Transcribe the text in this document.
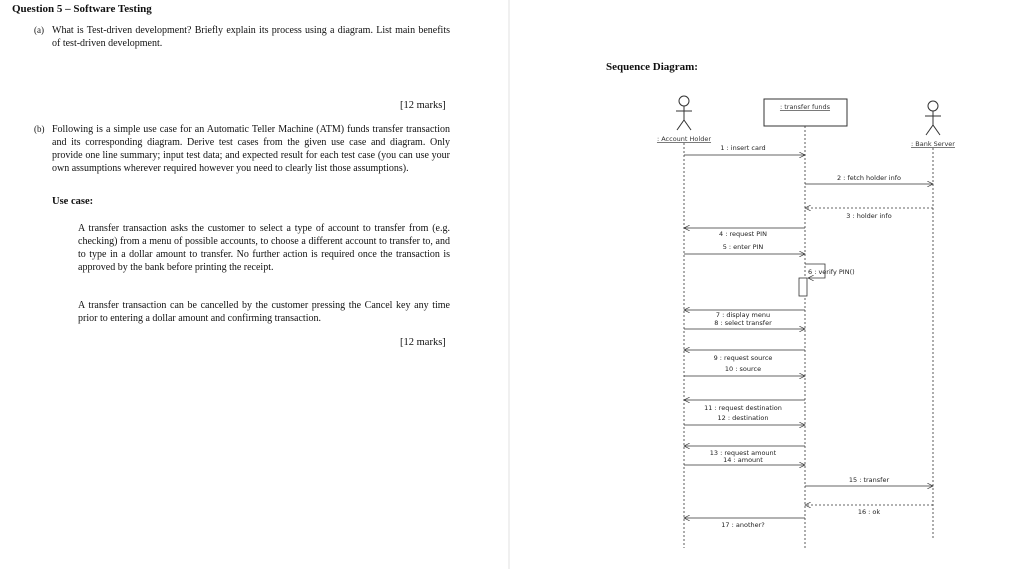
Question 5 – Software Testing
(a) What is Test-driven development? Briefly explain its process using a diagram. List main benefits of test-driven development.
[12 marks]
(b) Following is a simple use case for an Automatic Teller Machine (ATM) funds transfer transaction and its corresponding diagram. Derive test cases from the given use case and diagram. Only provide one line summary; input test data; and expected result for each test case (you can use your own assumptions wherever required however you need to clearly list those assumptions).
Use case:
A transfer transaction asks the customer to select a type of account to transfer from (e.g. checking) from a menu of possible accounts, to choose a different account to transfer to, and to type in a dollar amount to transfer. No further action is required once the transaction is approved by the bank before printing the receipt.
A transfer transaction can be cancelled by the customer pressing the Cancel key any time prior to entering a dollar amount and confirming transaction.
[12 marks]
Sequence Diagram:
: Account Holder
: transfer funds
: Bank Server
1 : insert card
2 : fetch holder info
3 : holder info
4 : request PIN
5 : enter PIN
6 : verify PIN()
7 : display menu
8 : select transfer
9 : request source
10 : source
11 : request destination
12 : destination
13 : request amount
14 : amount
15 : transfer
16 : ok
17 : another?
